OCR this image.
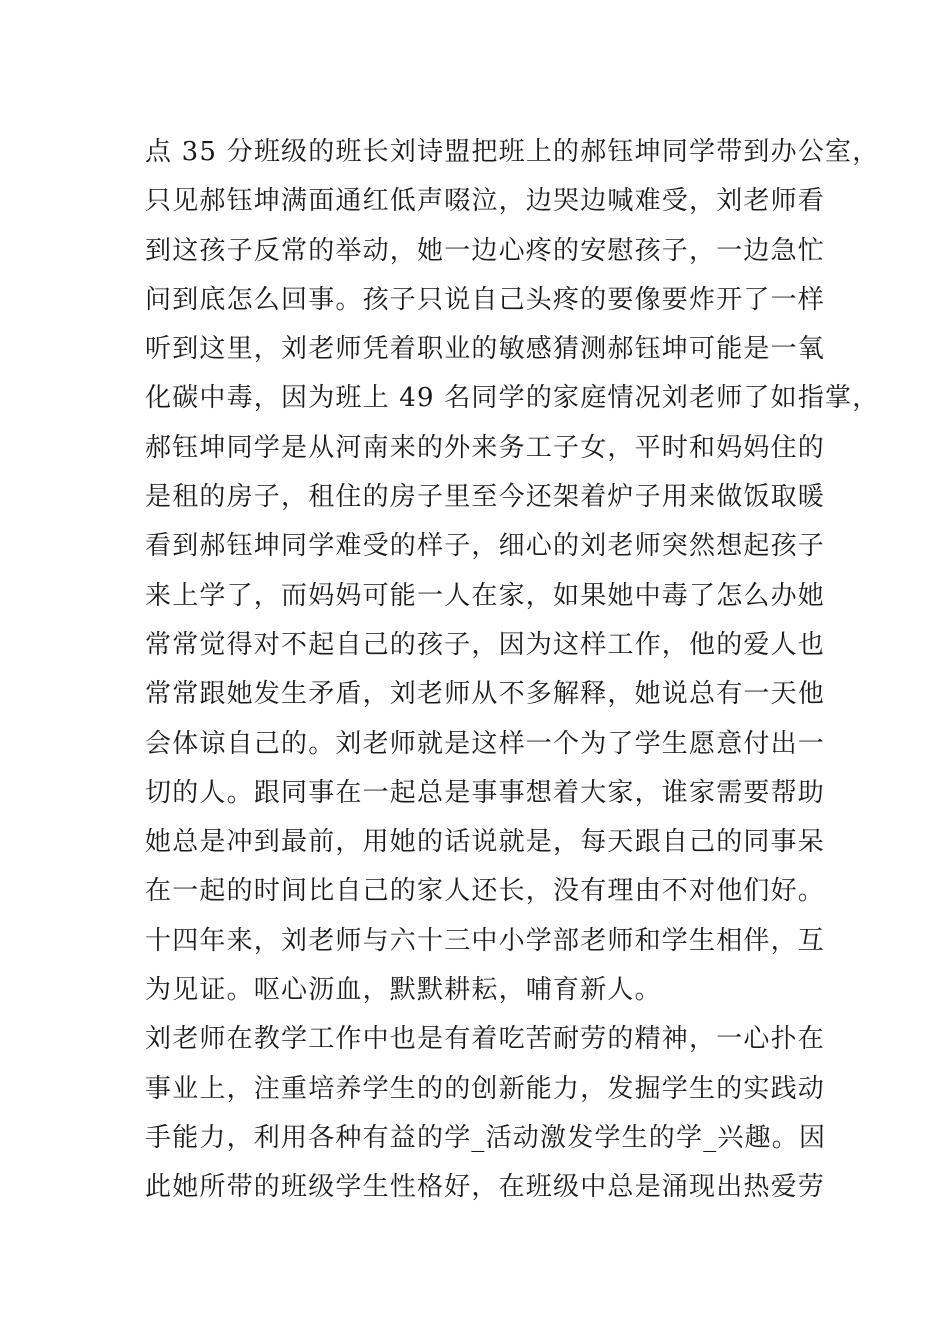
点 35 分班级的班长刘诗盟把班上的郝钰坤同学带到办公室，
只见郝钰坤满面通红低声啜泣，边哭边喊难受，刘老师看
到这孩子反常的举动，她一边心疼的安慰孩子，一边急忙
问到底怎么回事。孩子只说自己头疼的要像要炸开了一样
听到这里，刘老师凭着职业的敏感猜测郝钰坤可能是一氧
化碳中毒，因为班上 49 名同学的家庭情况刘老师了如指掌，
郝钰坤同学是从河南来的外来务工子女，平时和妈妈住的
是租的房子，租住的房子里至今还架着炉子用来做饭取暖
看到郝钰坤同学难受的样子，细心的刘老师突然想起孩子
来上学了，而妈妈可能一人在家，如果她中毒了怎么办她
常常觉得对不起自己的孩子，因为这样工作，他的爱人也
常常跟她发生矛盾，刘老师从不多解释，她说总有一天他
会体谅自己的。刘老师就是这样一个为了学生愿意付出一
切的人。跟同事在一起总是事事想着大家，谁家需要帮助
她总是冲到最前，用她的话说就是，每天跟自己的同事呆
在一起的时间比自己的家人还长，没有理由不对他们好。
十四年来，刘老师与六十三中小学部老师和学生相伴，互
为见证。呕心沥血，默默耕耘，哺育新人。
刘老师在教学工作中也是有着吃苦耐劳的精神，一心扑在
事业上，注重培养学生的的创新能力，发掘学生的实践动
手能力，利用各种有益的学_活动激发学生的学_兴趣。因
此她所带的班级学生性格好，在班级中总是涌现出热爱劳
